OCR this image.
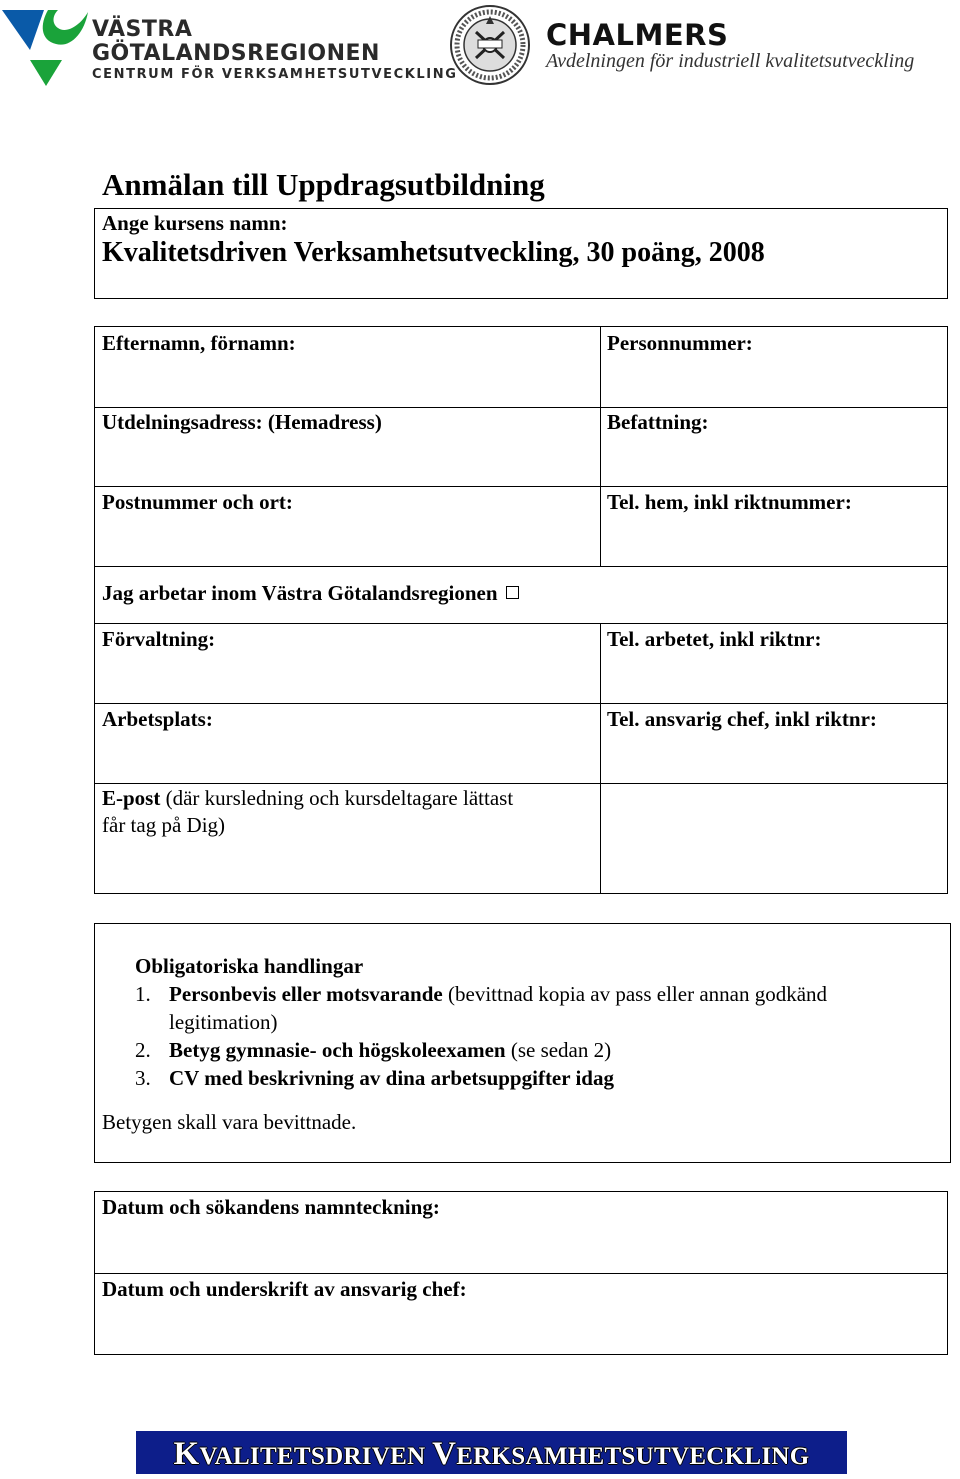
VÄSTRA
GÖTALANDSREGIONEN
CENTRUM FÖR VERKSAMHETSUTVECKLING
CHALMERS
Avdelningen för industriell kvalitetsutveckling
Anmälan till Uppdragsutbildning
Ange kursens namn:
Kvalitetsdriven Verksamhetsutveckling, 30 poäng, 2008
Efternamn, förnamn:	Personnummer:
Utdelningsadress: (Hemadress)	Befattning:
Postnummer och ort:	Tel. hem, inkl riktnummer:
Jag arbetar inom Västra Götalandsregionen
Förvaltning:	Tel. arbetet, inkl riktnr:
Arbetsplats:	Tel. ansvarig chef, inkl riktnr:
E-post (där kursledning och kursdeltagare lättast
får tag på Dig)
Obligatoriska handlingar
1. Personbevis eller motsvarande (bevittnad kopia av pass eller annan godkänd
legitimation)
2. Betyg gymnasie- och högskoleexamen (se sedan 2)
3. CV med beskrivning av dina arbetsuppgifter idag
Betygen skall vara bevittnade.
Datum och sökandens namnteckning:
Datum och underskrift av ansvarig chef:
KVALITETSDRIVEN VERKSAMHETSUTVECKLING
